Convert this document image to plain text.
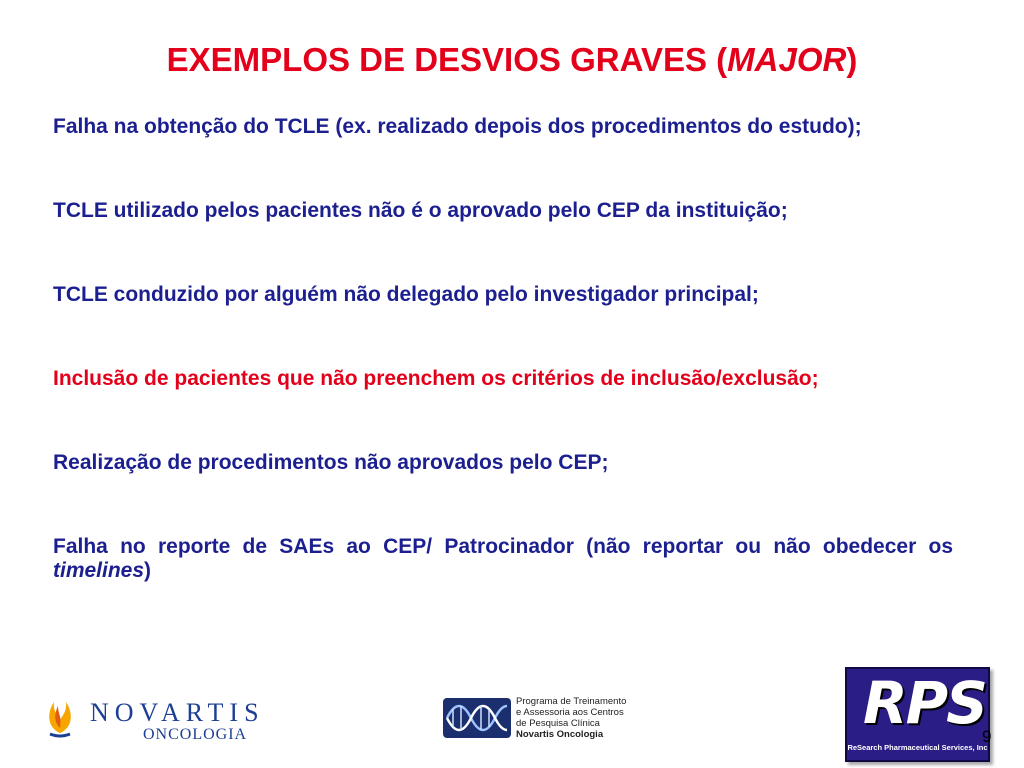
EXEMPLOS DE DESVIOS GRAVES (MAJOR)

Falha na obtenção do TCLE (ex. realizado depois dos procedimentos do estudo);

TCLE utilizado pelos pacientes não é o aprovado pelo CEP da instituição;

TCLE conduzido por alguém não delegado pelo investigador principal;

Inclusão de pacientes que não preenchem os critérios de inclusão/exclusão;

Realização de procedimentos não aprovados pelo CEP;

Falha no reporte de SAEs ao CEP/ Patrocinador (não reportar ou não obedecer os timelines)

NOVARTIS
ONCOLOGIA
Programa de Treinamento
e Assessoria aos Centros
de Pesquisa Clínica
Novartis Oncologia	RPS
ReSearch Pharmaceutical Services, Inc
9
